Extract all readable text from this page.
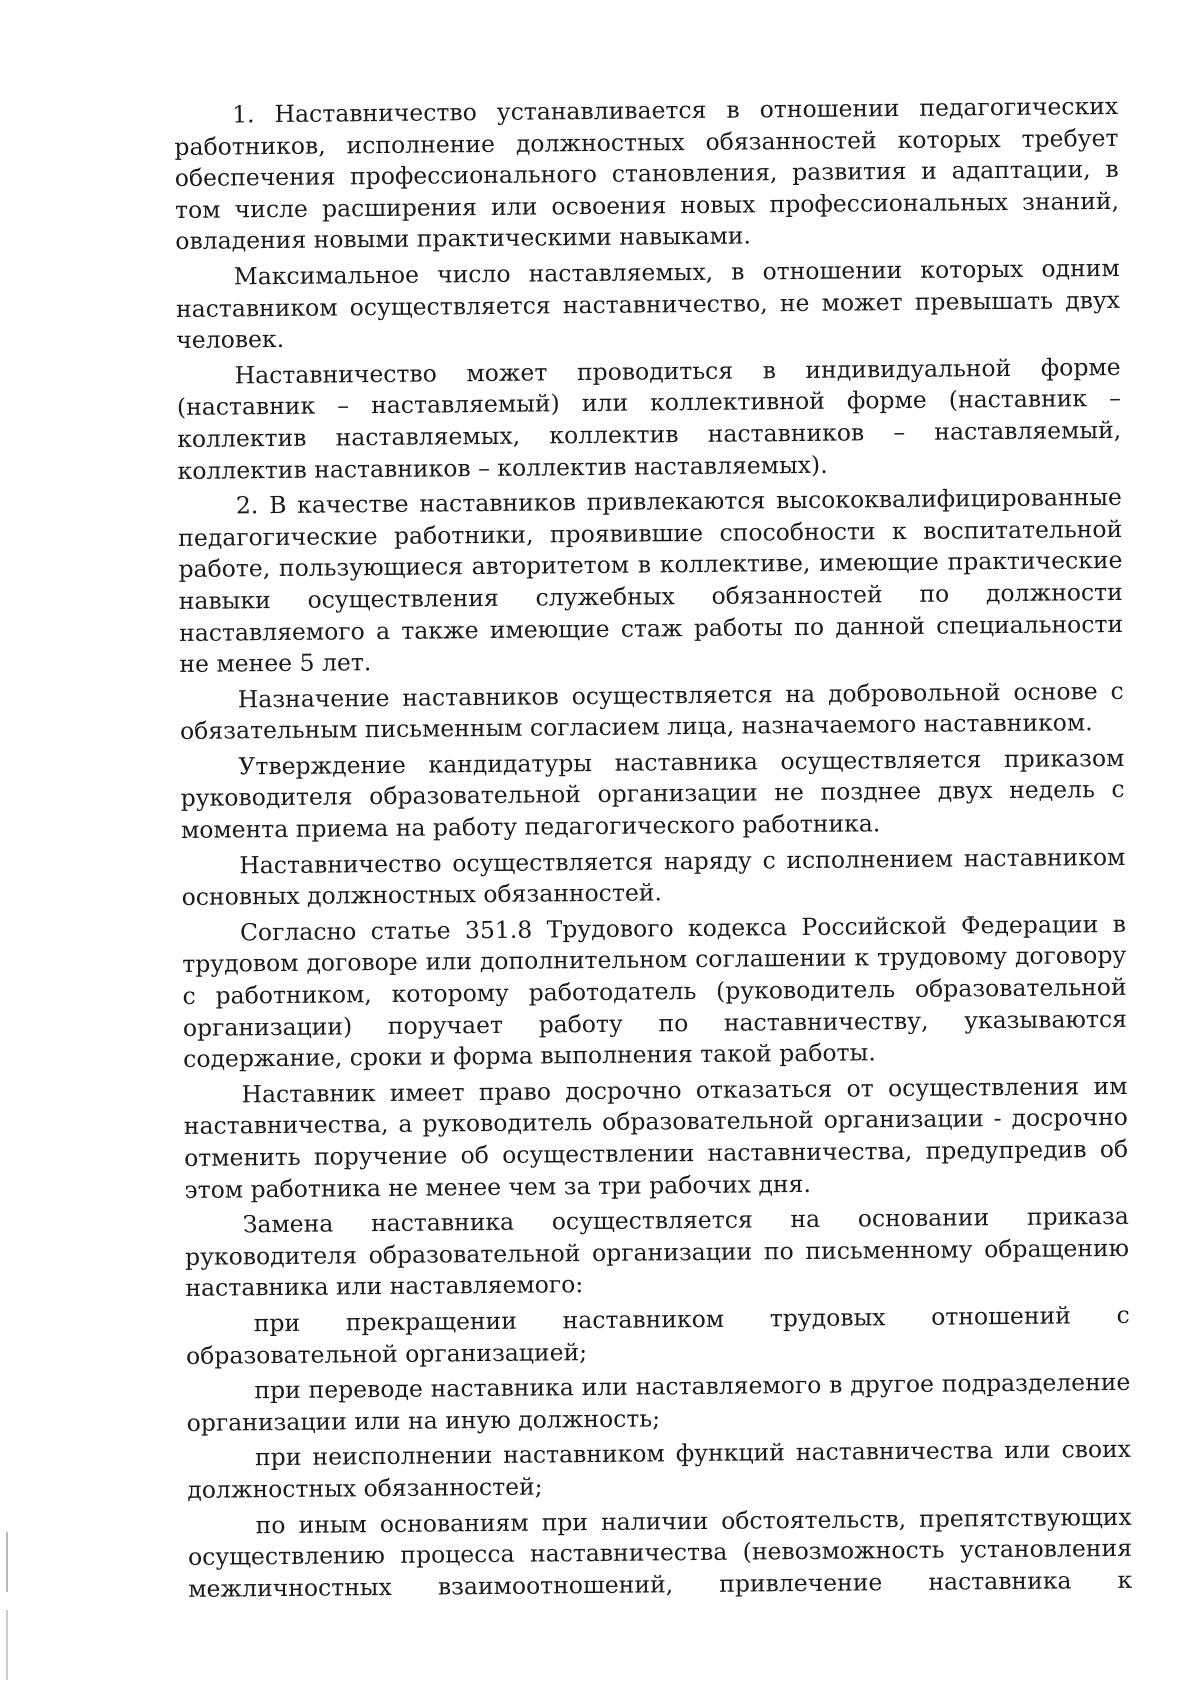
1. Наставничество устанавливается в отношении педагогических работников, исполнение должностных обязанностей которых требует обеспечения профессионального становления, развития и адаптации, в том числе расширения или освоения новых профессиональных знаний, овладения новыми практическими навыками.

Максимальное число наставляемых, в отношении которых одним наставником осуществляется наставничество, не может превышать двух человек.

Наставничество может проводиться в индивидуальной форме (наставник – наставляемый) или коллективной форме (наставник – коллектив наставляемых, коллектив наставников – наставляемый, коллектив наставников – коллектив наставляемых).

2. В качестве наставников привлекаются высококвалифицированные педагогические работники, проявившие способности к воспитательной работе, пользующиеся авторитетом в коллективе, имеющие практические навыки осуществления служебных обязанностей по должности наставляемого а также имеющие стаж работы по данной специальности не менее 5 лет.

Назначение наставников осуществляется на добровольной основе с обязательным письменным согласием лица, назначаемого наставником.

Утверждение кандидатуры наставника осуществляется приказом руководителя образовательной организации не позднее двух недель с момента приема на работу педагогического работника.

Наставничество осуществляется наряду с исполнением наставником основных должностных обязанностей.

Согласно статье 351.8 Трудового кодекса Российской Федерации в трудовом договоре или дополнительном соглашении к трудовому договору с работником, которому работодатель (руководитель образовательной организации) поручает работу по наставничеству, указываются содержание, сроки и форма выполнения такой работы.

Наставник имеет право досрочно отказаться от осуществления им наставничества, а руководитель образовательной организации - досрочно отменить поручение об осуществлении наставничества, предупредив об этом работника не менее чем за три рабочих дня.

Замена наставника осуществляется на основании приказа руководителя образовательной организации по письменному обращению наставника или наставляемого:

при прекращении наставником трудовых отношений с образовательной организацией;

при переводе наставника или наставляемого в другое подразделение организации или на иную должность;

при неисполнении наставником функций наставничества или своих должностных обязанностей;

по иным основаниям при наличии обстоятельств, препятствующих осуществлению процесса наставничества (невозможность установления межличностных взаимоотношений, привлечение наставника к
